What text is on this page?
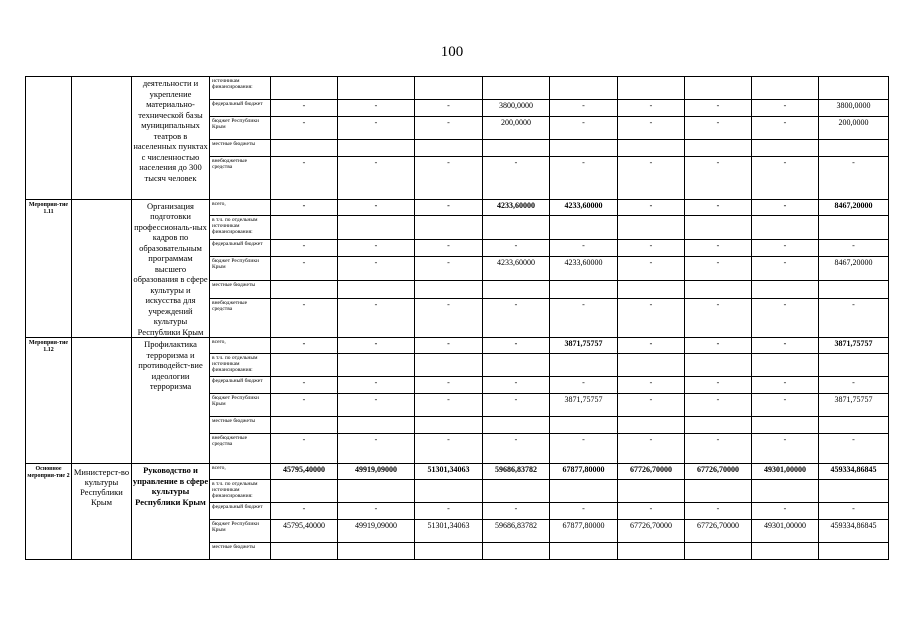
100
		деятельности и укрепление материально-технической базы муниципальных театров в населенных пунктах с численностью населения до 300 тысяч человек	источникам финансирования:									
			федеральный бюджет	-	-	-	3800,0000	-	-	-	-	3800,0000
			бюджет Республики Крым	-	-	-	200,0000	-	-	-	-	200,0000
			местные бюджеты									
			внебюджетные средства	-	-	-	-	-	-	-	-	-
Мероприя-тие 1.11		Организация подготовки профессиональ-ных кадров по образовательным программам высшего образования в сфере культуры и искусства для учреждений культуры Республики Крым	всего,	-	-	-	4233,60000	4233,60000	-	-	-	8467,20000
			в т.ч. по отдельным источникам финансирования:									
			федеральный бюджет	-	-	-	-	-	-	-	-	-
			бюджет Республики Крым	-	-	-	4233,60000	4233,60000	-	-	-	8467,20000
			местные бюджеты									
			внебюджетные средства	-	-	-	-	-	-	-	-	-
Мероприя-тие 1.12		Профилактика терроризма и противодейст-вие идеологии терроризма	всего,	-	-	-	-	3871,75757	-	-	-	3871,75757
			в т.ч. по отдельным источникам финансирования:									
			федеральный бюджет	-	-	-	-	-	-	-	-	-
			бюджет Республики Крым	-	-	-	-	3871,75757	-	-	-	3871,75757
			местные бюджеты									
			внебюджетные средства	-	-	-	-	-	-	-	-	-
Основное мероприя-тие 2	Министерст-во культуры Республики Крым	Руководство и управление в сфере культуры Республики Крым	всего,	45795,40000	49919,09000	51301,34063	59686,83782	67877,80000	67726,70000	67726,70000	49301,00000	459334,86845
			в т.ч. по отдельным источникам финансирования:									
			федеральный бюджет	-	-	-	-	-	-	-	-	-
			бюджет Республики Крым	45795,40000	49919,09000	51301,34063	59686,83782	67877,80000	67726,70000	67726,70000	49301,00000	459334,86845
			местные бюджеты									
